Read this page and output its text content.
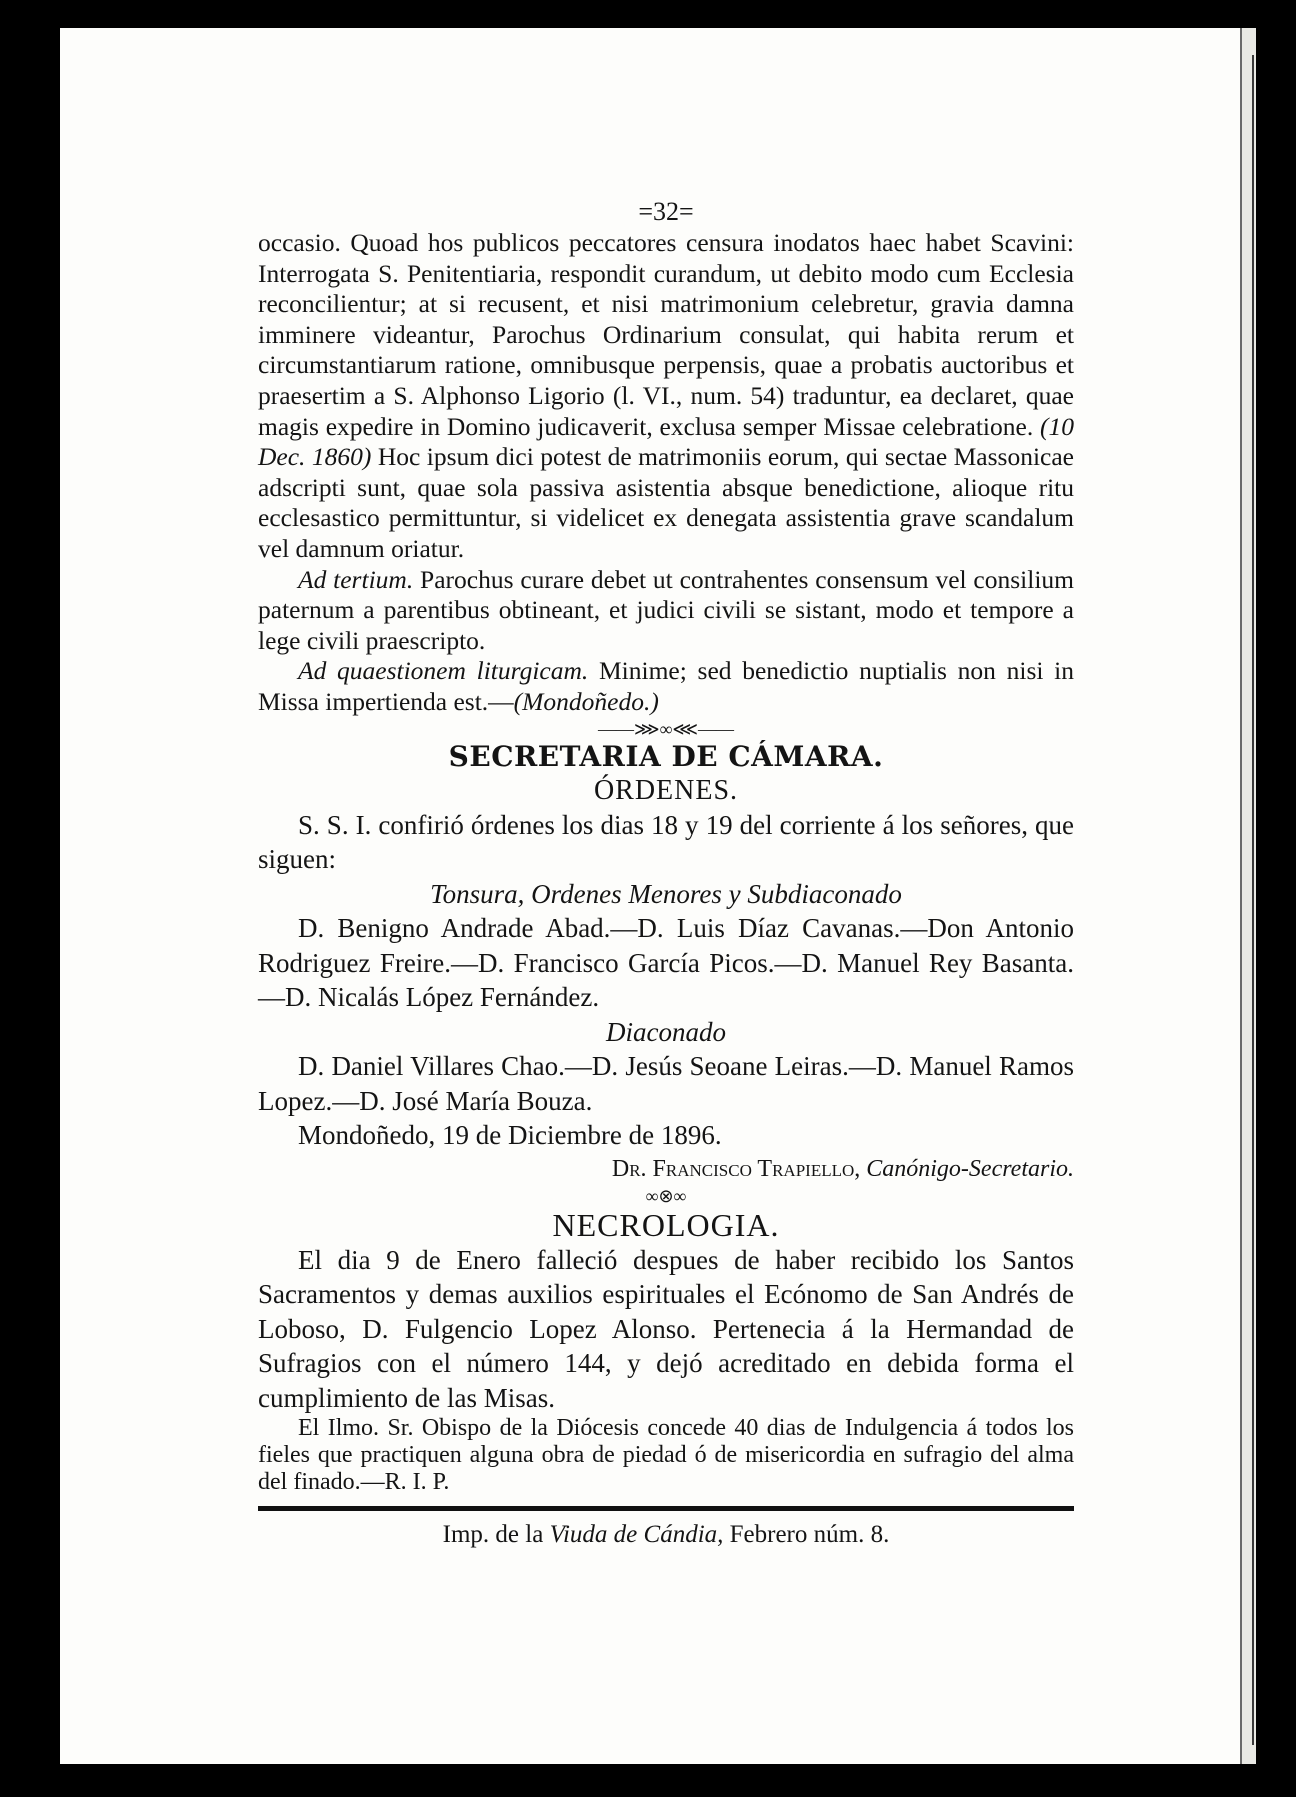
=32=

occasio. Quoad hos publicos peccatores censura inodatos haec habet Scavini: Interrogata S. Penitentiaria, respondit curandum, ut debito modo cum Ecclesia reconcilientur; at si recusent, et nisi matrimonium celebretur, gravia damna imminere videantur, Parochus Ordinarium consulat, qui habita rerum et circumstantiarum ratione, omnibusque perpensis, quae a probatis auctoribus et praesertim a S. Alphonso Ligorio (l. VI., num. 54) traduntur, ea declaret, quae magis expedire in Domino judicaverit, exclusa semper Missae celebratione. (10 Dec. 1860) Hoc ipsum dici potest de matrimoniis eorum, qui sectae Massonicae adscripti sunt, quae sola passiva asistentia absque benedictione, alioque ritu ecclesastico permittuntur, si videlicet ex denegata assistentia grave scandalum vel damnum oriatur.

Ad tertium. Parochus curare debet ut contrahentes consensum vel consilium paternum a parentibus obtineant, et judici civili se sistant, modo et tempore a lege civili praescripto.

Ad quaestionem liturgicam. Minime; sed benedictio nuptialis non nisi in Missa impertienda est.—(Mondoñedo.)

——⋙∞⋘——
SECRETARIA DE CÁMARA.
ÓRDENES.

S. S. I. confirió órdenes los dias 18 y 19 del corriente á los señores, que siguen:

Tonsura, Ordenes Menores y Subdiaconado

D. Benigno Andrade Abad.—D. Luis Díaz Cavanas.—Don Antonio Rodriguez Freire.—D. Francisco García Picos.—D. Manuel Rey Basanta.—D. Nicalás López Fernández.

Diaconado

D. Daniel Villares Chao.—D. Jesús Seoane Leiras.—D. Manuel Ramos Lopez.—D. José María Bouza.

Mondoñedo, 19 de Diciembre de 1896.

Dr. Francisco Trapiello, Canónigo-Secretario.

∞⊗∞
NECROLOGIA.

El dia 9 de Enero falleció despues de haber recibido los Santos Sacramentos y demas auxilios espirituales el Ecónomo de San Andrés de Loboso, D. Fulgencio Lopez Alonso. Pertenecia á la Hermandad de Sufragios con el número 144, y dejó acreditado en debida forma el cumplimiento de las Misas.

El Ilmo. Sr. Obispo de la Diócesis concede 40 dias de Indulgencia á todos los fieles que practiquen alguna obra de piedad ó de misericordia en sufragio del alma del finado.—R. I. P.

Imp. de la Viuda de Cándia, Febrero núm. 8.
